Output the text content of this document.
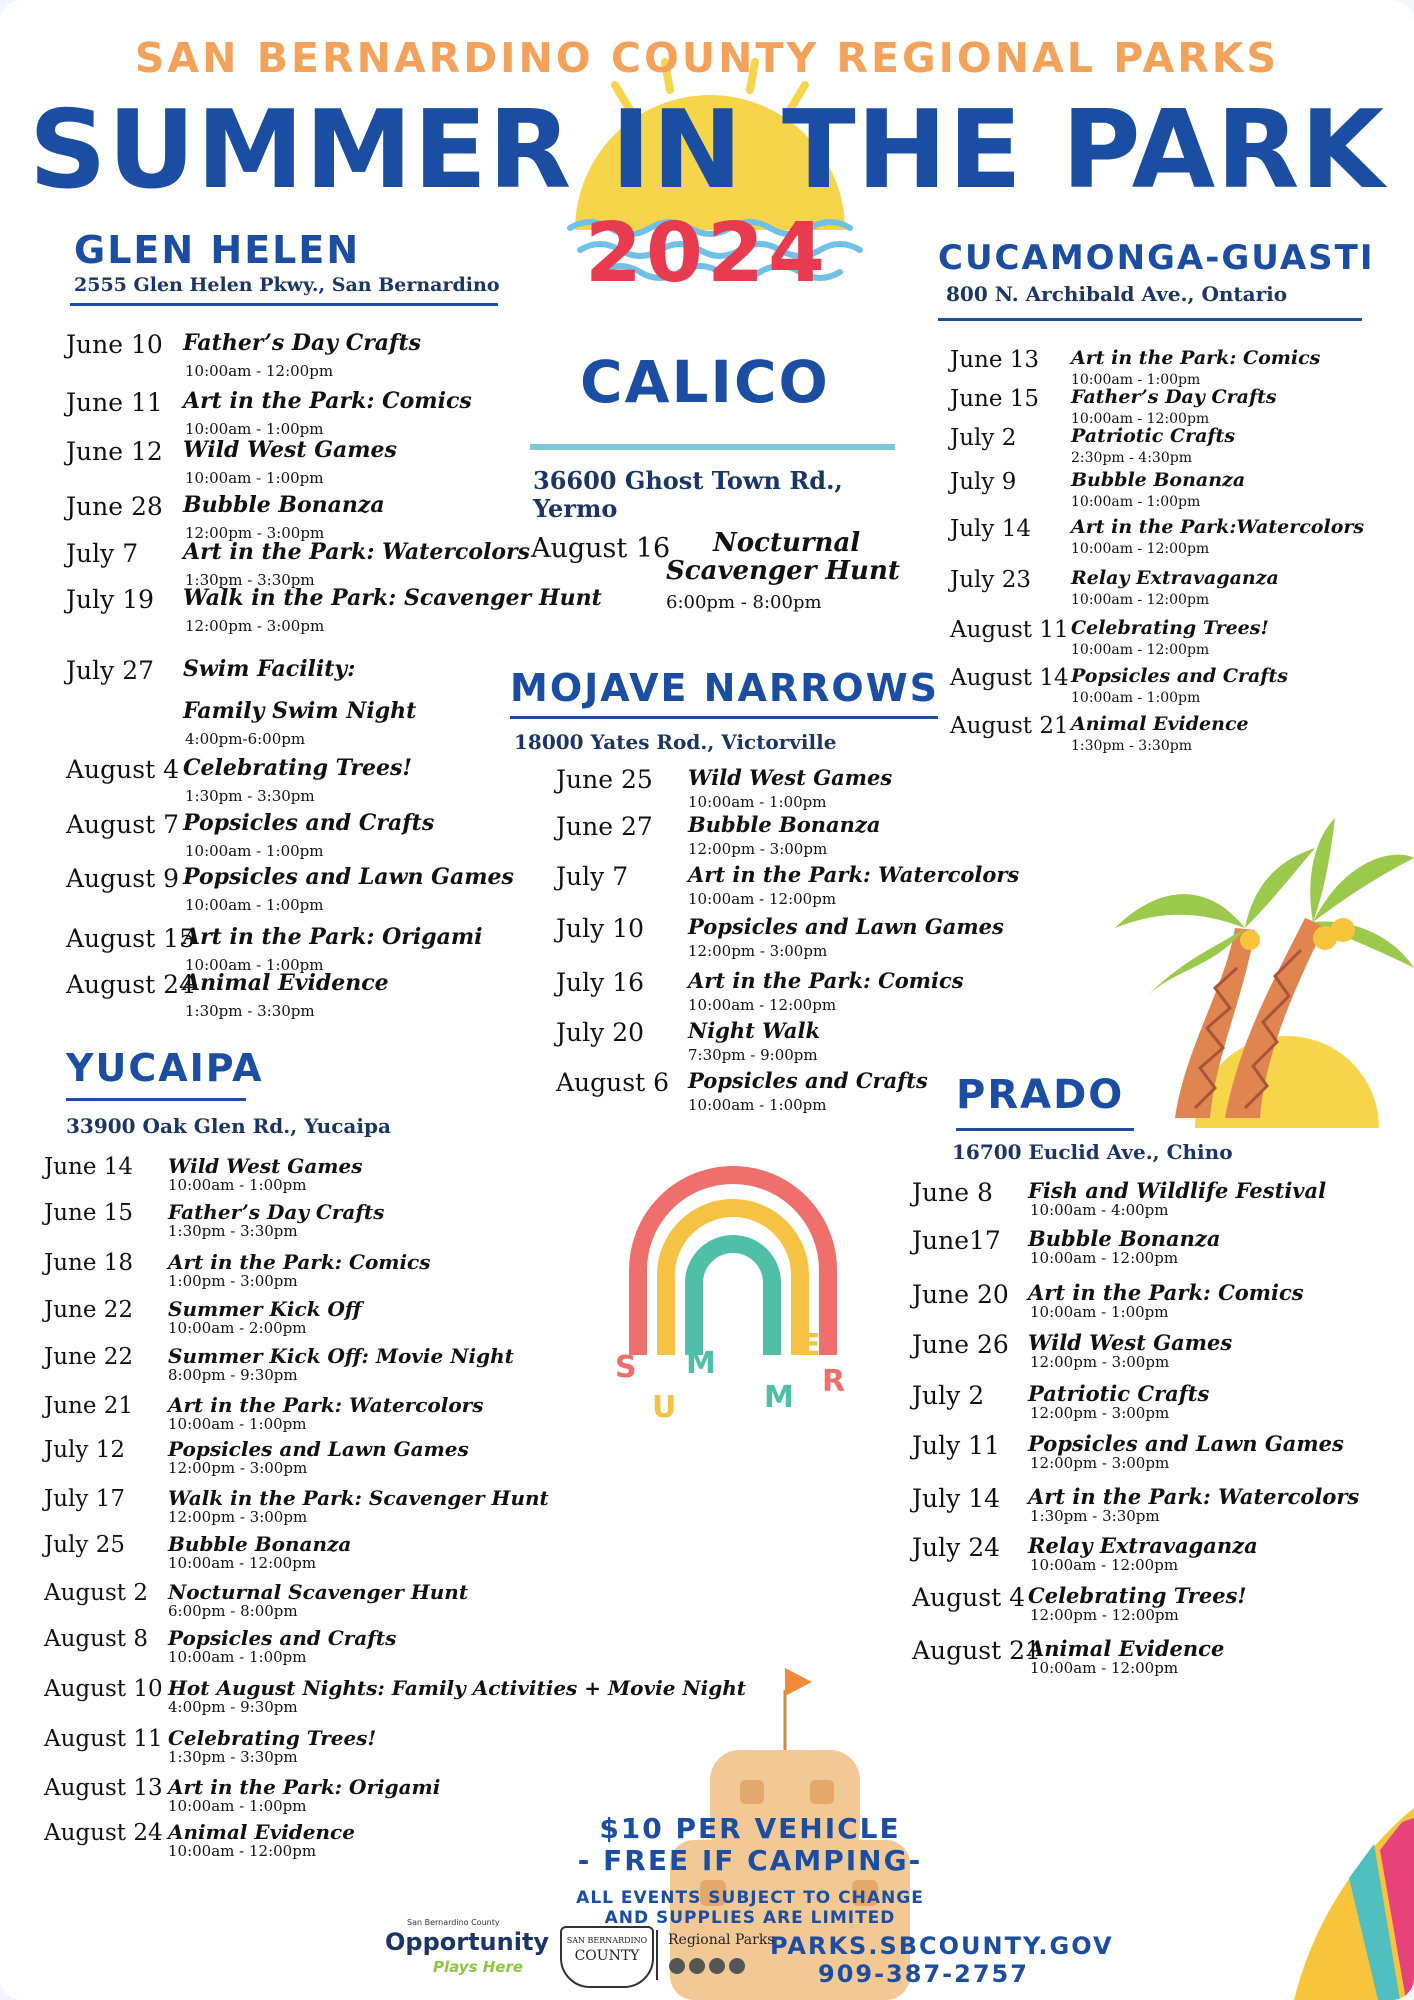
SAN BERNARDINO COUNTY REGIONAL PARKS
SUMMER IN THE PARK
2024
GLEN HELEN
2555 Glen Helen Pkwy., San Bernardino
June 10 Father’s Day Crafts
10:00am - 12:00pm
June 11 Art in the Park: Comics
10:00am - 1:00pm
June 12 Wild West Games
10:00am - 1:00pm
June 28 Bubble Bonanza
12:00pm - 3:00pm
July 7 Art in the Park: Watercolors
1:30pm - 3:30pm
July 19 Walk in the Park: Scavenger Hunt
12:00pm - 3:00pm
July 27 Swim Facility:
Family Swim Night
4:00pm-6:00pm
August 4 Celebrating Trees!
1:30pm - 3:30pm
August 7 Popsicles and Crafts
10:00am - 1:00pm
August 9 Popsicles and Lawn Games
10:00am - 1:00pm
August 15
Art in the Park: Origami
10:00am - 1:00pm
August 24
Animal Evidence
1:30pm - 3:30pm
CALICO
36600 Ghost Town Rd.,
Yermo
August 16 Nocturnal
Scavenger Hunt
6:00pm - 8:00pm
MOJAVE NARROWS
18000 Yates Rod., Victorville
June 25 Wild West Games
10:00am - 1:00pm
June 27 Bubble Bonanza
12:00pm - 3:00pm
July 7	Art in the Park: Watercolors
10:00am - 12:00pm
July 10 Popsicles and Lawn Games
12:00pm - 3:00pm
July 16 Art in the Park: Comics
10:00am - 12:00pm
July 20 Night Walk
7:30pm - 9:00pm
August 6 Popsicles and Crafts
10:00am - 1:00pm
CUCAMONGA-GUASTI
800 N. Archibald Ave., Ontario
June 13 Art in the Park: Comics
10:00am - 1:00pm
June 15 Father’s Day Crafts
10:00am - 12:00pm
July 2	Patriotic Crafts
2:30pm - 4:30pm
July 9	Bubble Bonanza
10:00am - 1:00pm
July 14 Art in the Park:Watercolors
10:00am - 12:00pm
July 23 Relay Extravaganza
10:00am - 12:00pm
August 11 Celebrating Trees!
10:00am - 12:00pm
August 14 Popsicles and Crafts
10:00am - 1:00pm
August 21 Animal Evidence
1:30pm - 3:30pm
YUCAIPA
33900 Oak Glen Rd., Yucaipa
June 14 Wild West Games
10:00am - 1:00pm
June 15 Father’s Day Crafts
1:30pm - 3:30pm
June 18 Art in the Park: Comics
1:00pm - 3:00pm
June 22 Summer Kick Off
10:00am - 2:00pm
June 22 Summer Kick Off: Movie Night
8:00pm - 9:30pm
June 21 Art in the Park: Watercolors
10:00am - 1:00pm
July 12 Popsicles and Lawn Games
12:00pm - 3:00pm
July 17 Walk in the Park: Scavenger Hunt
12:00pm - 3:00pm
July 25 Bubble Bonanza
10:00am - 12:00pm
August 2 Nocturnal Scavenger Hunt
6:00pm - 8:00pm
August 8 Popsicles and Crafts
10:00am - 1:00pm
August 10 Hot August Nights: Family Activities + Movie Night
4:00pm - 9:30pm
August 11 Celebrating Trees!
1:30pm - 3:30pm
August 13 Art in the Park: Origami
10:00am - 1:00pm
August 24 Animal Evidence
10:00am - 12:00pm
PRADO
16700 Euclid Ave., Chino
June 8 Fish and Wildlife Festival
10:00am - 4:00pm
June17 Bubble Bonanza
10:00am - 12:00pm
June 20 Art in the Park: Comics
10:00am - 1:00pm
June 26 Wild West Games
12:00pm - 3:00pm
July 2 Patriotic Crafts
12:00pm - 3:00pm
July 11 Popsicles and Lawn Games
12:00pm - 3:00pm
July 14 Art in the Park: Watercolors
1:30pm - 3:30pm
July 24 Relay Extravaganza
10:00am - 12:00pm
August 4 Celebrating Trees!
12:00pm - 12:00pm
August 21
Animal Evidence
10:00am - 12:00pm
S
U
M
M
E
R
$10 PER VEHICLE
- FREE IF CAMPING-
ALL EVENTS SUBJECT TO CHANGE
AND SUPPLIES ARE LIMITED
PARKS.SBCOUNTY.GOV
909-387-2757
San Bernardino County
Opportunity
Plays Here
SAN BERNARDINO
COUNTY
Regional Parks
